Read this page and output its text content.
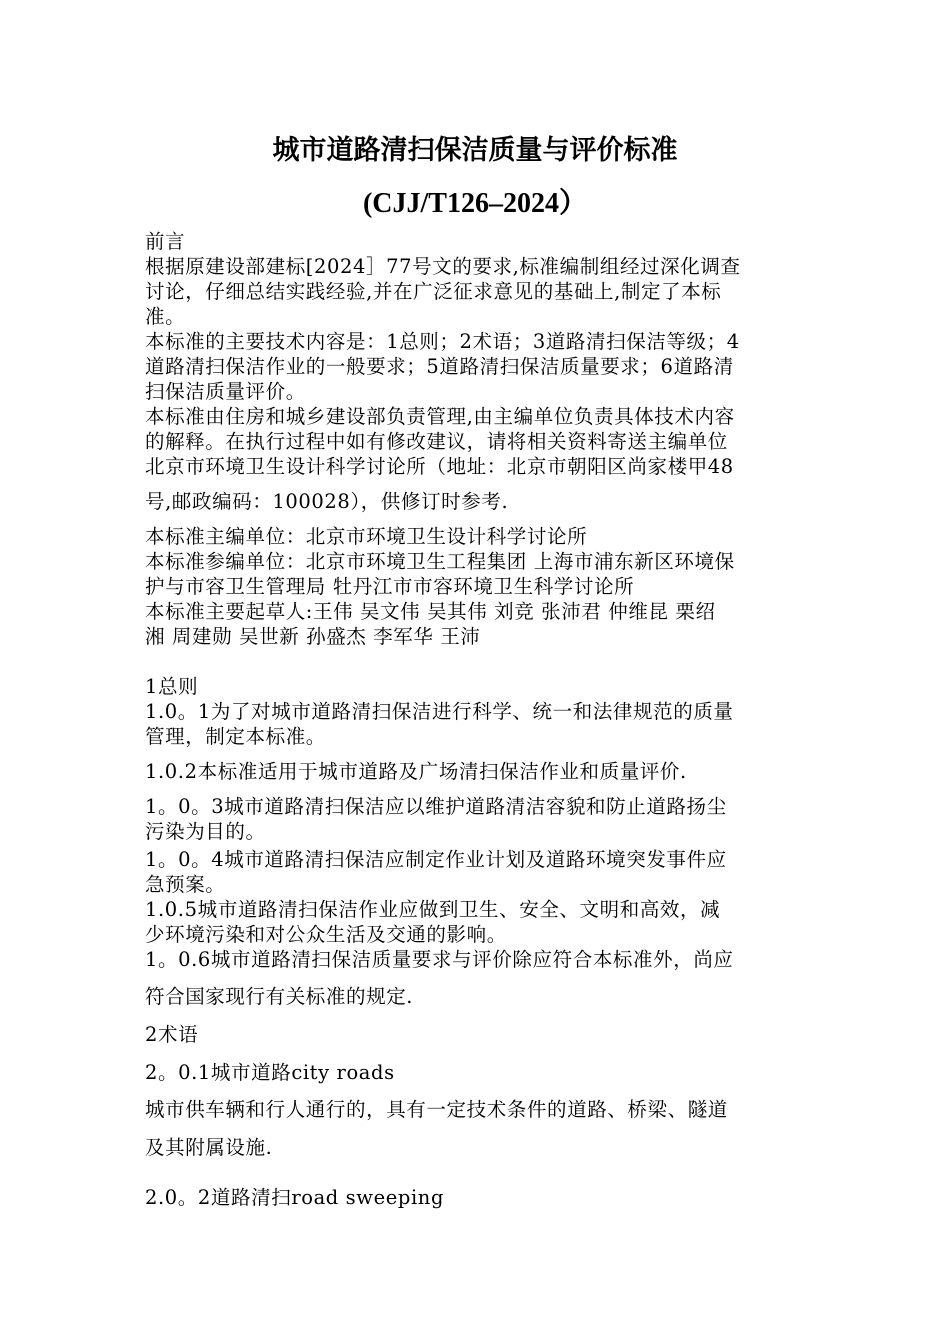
城市道路清扫保洁质量与评价标准
(CJJ/T126–2024）
前言
根据原建设部建标[2024］77号文的要求,标准编制组经过深化调查
讨论，仔细总结实践经验,并在广泛征求意见的基础上,制定了本标
准。
本标准的主要技术内容是：1总则；2术语；3道路清扫保洁等级；4
道路清扫保洁作业的一般要求；5道路清扫保洁质量要求；6道路清
扫保洁质量评价。
本标准由住房和城乡建设部负责管理,由主编单位负责具体技术内容
的解释。在执行过程中如有修改建议，请将相关资料寄送主编单位
北京市环境卫生设计科学讨论所（地址：北京市朝阳区尚家楼甲48
号,邮政编码：100028），供修订时参考.
本标准主编单位：北京市环境卫生设计科学讨论所
本标准参编单位：北京市环境卫生工程集团 上海市浦东新区环境保
护与市容卫生管理局 牡丹江市市容环境卫生科学讨论所
本标准主要起草人:王伟 吴文伟 吴其伟 刘竞 张沛君 仲维昆 栗绍
湘 周建勋 吴世新 孙盛杰 李军华 王沛
1总则
1.0。1为了对城市道路清扫保洁进行科学、统一和法律规范的质量
管理，制定本标准。
1.0.2本标准适用于城市道路及广场清扫保洁作业和质量评价.
1。0。3城市道路清扫保洁应以维护道路清洁容貌和防止道路扬尘
污染为目的。
1。0。4城市道路清扫保洁应制定作业计划及道路环境突发事件应
急预案。
1.0.5城市道路清扫保洁作业应做到卫生、安全、文明和高效，减
少环境污染和对公众生活及交通的影响。
1。0.6城市道路清扫保洁质量要求与评价除应符合本标准外，尚应
符合国家现行有关标准的规定.
2术语
2。0.1城市道路city roads
城市供车辆和行人通行的，具有一定技术条件的道路、桥梁、隧道
及其附属设施.
2.0。2道路清扫road sweeping
